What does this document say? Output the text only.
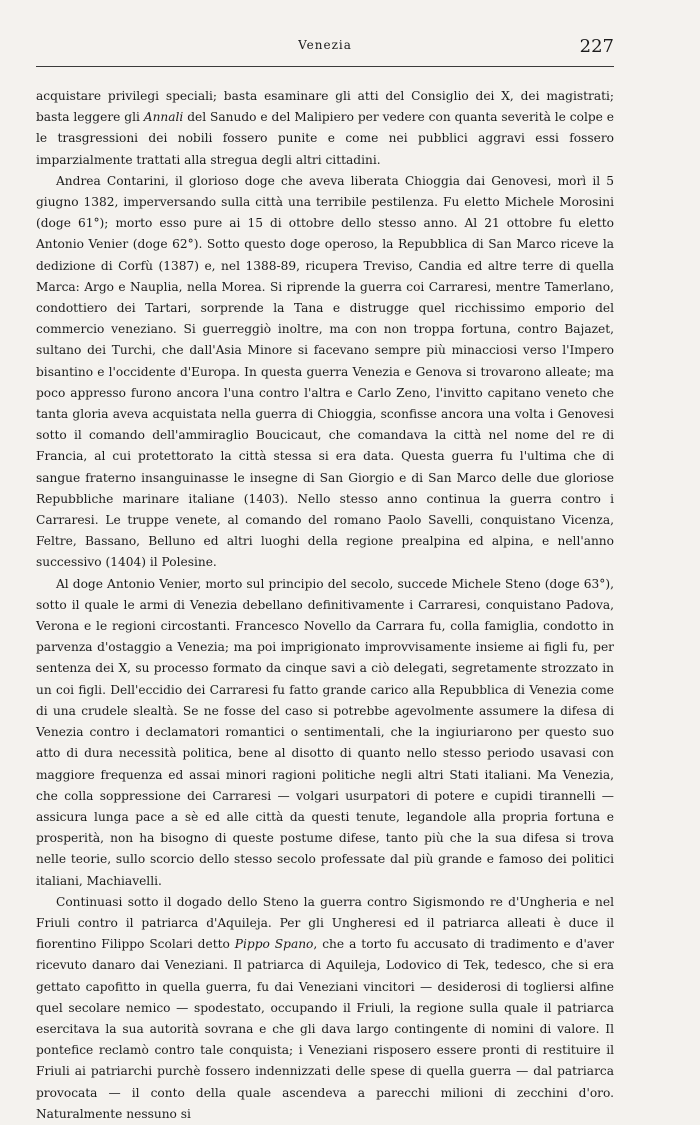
Venezia	227

acquistare privilegi speciali; basta esaminare gli atti del Consiglio dei X, dei magistrati; basta leggere gli Annali del Sanudo e del Malipiero per vedere con quanta severità le colpe e le trasgressioni dei nobili fossero punite e come nei pubblici aggravi essi fossero imparzialmente trattati alla stregua degli altri cittadini.

Andrea Contarini, il glorioso doge che aveva liberata Chioggia dai Genovesi, morì il 5 giugno 1382, imperversando sulla città una terribile pestilenza. Fu eletto Michele Morosini (doge 61°); morto esso pure ai 15 di ottobre dello stesso anno. Al 21 ottobre fu eletto Antonio Venier (doge 62°). Sotto questo doge operoso, la Repubblica di San Marco riceve la dedizione di Corfù (1387) e, nel 1388-89, ricupera Treviso, Candia ed altre terre di quella Marca: Argo e Nauplia, nella Morea. Si riprende la guerra coi Carraresi, mentre Tamerlano, condottiero dei Tartari, sorprende la Tana e distrugge quel ricchissimo emporio del commercio veneziano. Si guerreggiò inoltre, ma con non troppa fortuna, contro Bajazet, sultano dei Turchi, che dall'Asia Minore si facevano sempre più minacciosi verso l'Impero bisantino e l'occidente d'Europa. In questa guerra Venezia e Genova si trovarono alleate; ma poco appresso furono ancora l'una contro l'altra e Carlo Zeno, l'invitto capitano veneto che tanta gloria aveva acquistata nella guerra di Chioggia, sconfisse ancora una volta i Genovesi sotto il comando dell'ammiraglio Boucicaut, che comandava la città nel nome del re di Francia, al cui protettorato la città stessa si era data. Questa guerra fu l'ultima che di sangue fraterno insanguinasse le insegne di San Giorgio e di San Marco delle due gloriose Repubbliche marinare italiane (1403). Nello stesso anno continua la guerra contro i Carraresi. Le truppe venete, al comando del romano Paolo Savelli, conquistano Vicenza, Feltre, Bassano, Belluno ed altri luoghi della regione prealpina ed alpina, e nell'anno successivo (1404) il Polesine.

Al doge Antonio Venier, morto sul principio del secolo, succede Michele Steno (doge 63°), sotto il quale le armi di Venezia debellano definitivamente i Carraresi, conquistano Padova, Verona e le regioni circostanti. Francesco Novello da Carrara fu, colla famiglia, condotto in parvenza d'ostaggio a Venezia; ma poi imprigionato improvvisamente insieme ai figli fu, per sentenza dei X, su processo formato da cinque savi a ciò delegati, segretamente strozzato in un coi figli. Dell'eccidio dei Carraresi fu fatto grande carico alla Repubblica di Venezia come di una crudele slealtà. Se ne fosse del caso si potrebbe agevolmente assumere la difesa di Venezia contro i declamatori romantici o sentimentali, che la ingiuriarono per questo suo atto di dura necessità politica, bene al disotto di quanto nello stesso periodo usavasi con maggiore frequenza ed assai minori ragioni politiche negli altri Stati italiani. Ma Venezia, che colla soppressione dei Carraresi — volgari usurpatori di potere e cupidi tirannelli — assicura lunga pace a sè ed alle città da questi tenute, legandole alla propria fortuna e prosperità, non ha bisogno di queste postume difese, tanto più che la sua difesa si trova nelle teorie, sullo scorcio dello stesso secolo professate dal più grande e famoso dei politici italiani, Machiavelli.

Continuasi sotto il dogado dello Steno la guerra contro Sigismondo re d'Ungheria e nel Friuli contro il patriarca d'Aquileja. Per gli Ungheresi ed il patriarca alleati è duce il fiorentino Filippo Scolari detto Pippo Spano, che a torto fu accusato di tradimento e d'aver ricevuto danaro dai Veneziani. Il patriarca di Aquileja, Lodovico di Tek, tedesco, che si era gettato capofitto in quella guerra, fu dai Veneziani vincitori — desiderosi di togliersi alfine quel secolare nemico — spodestato, occupando il Friuli, la regione sulla quale il patriarca esercitava la sua autorità sovrana e che gli dava largo contingente di nomini di valore. Il pontefice reclamò contro tale conquista; i Veneziani risposero essere pronti di restituire il Friuli ai patriarchi purchè fossero indennizzati delle spese di quella guerra — dal patriarca provocata — il conto della quale ascendeva a parecchi milioni di zecchini d'oro. Naturalmente nessuno si
